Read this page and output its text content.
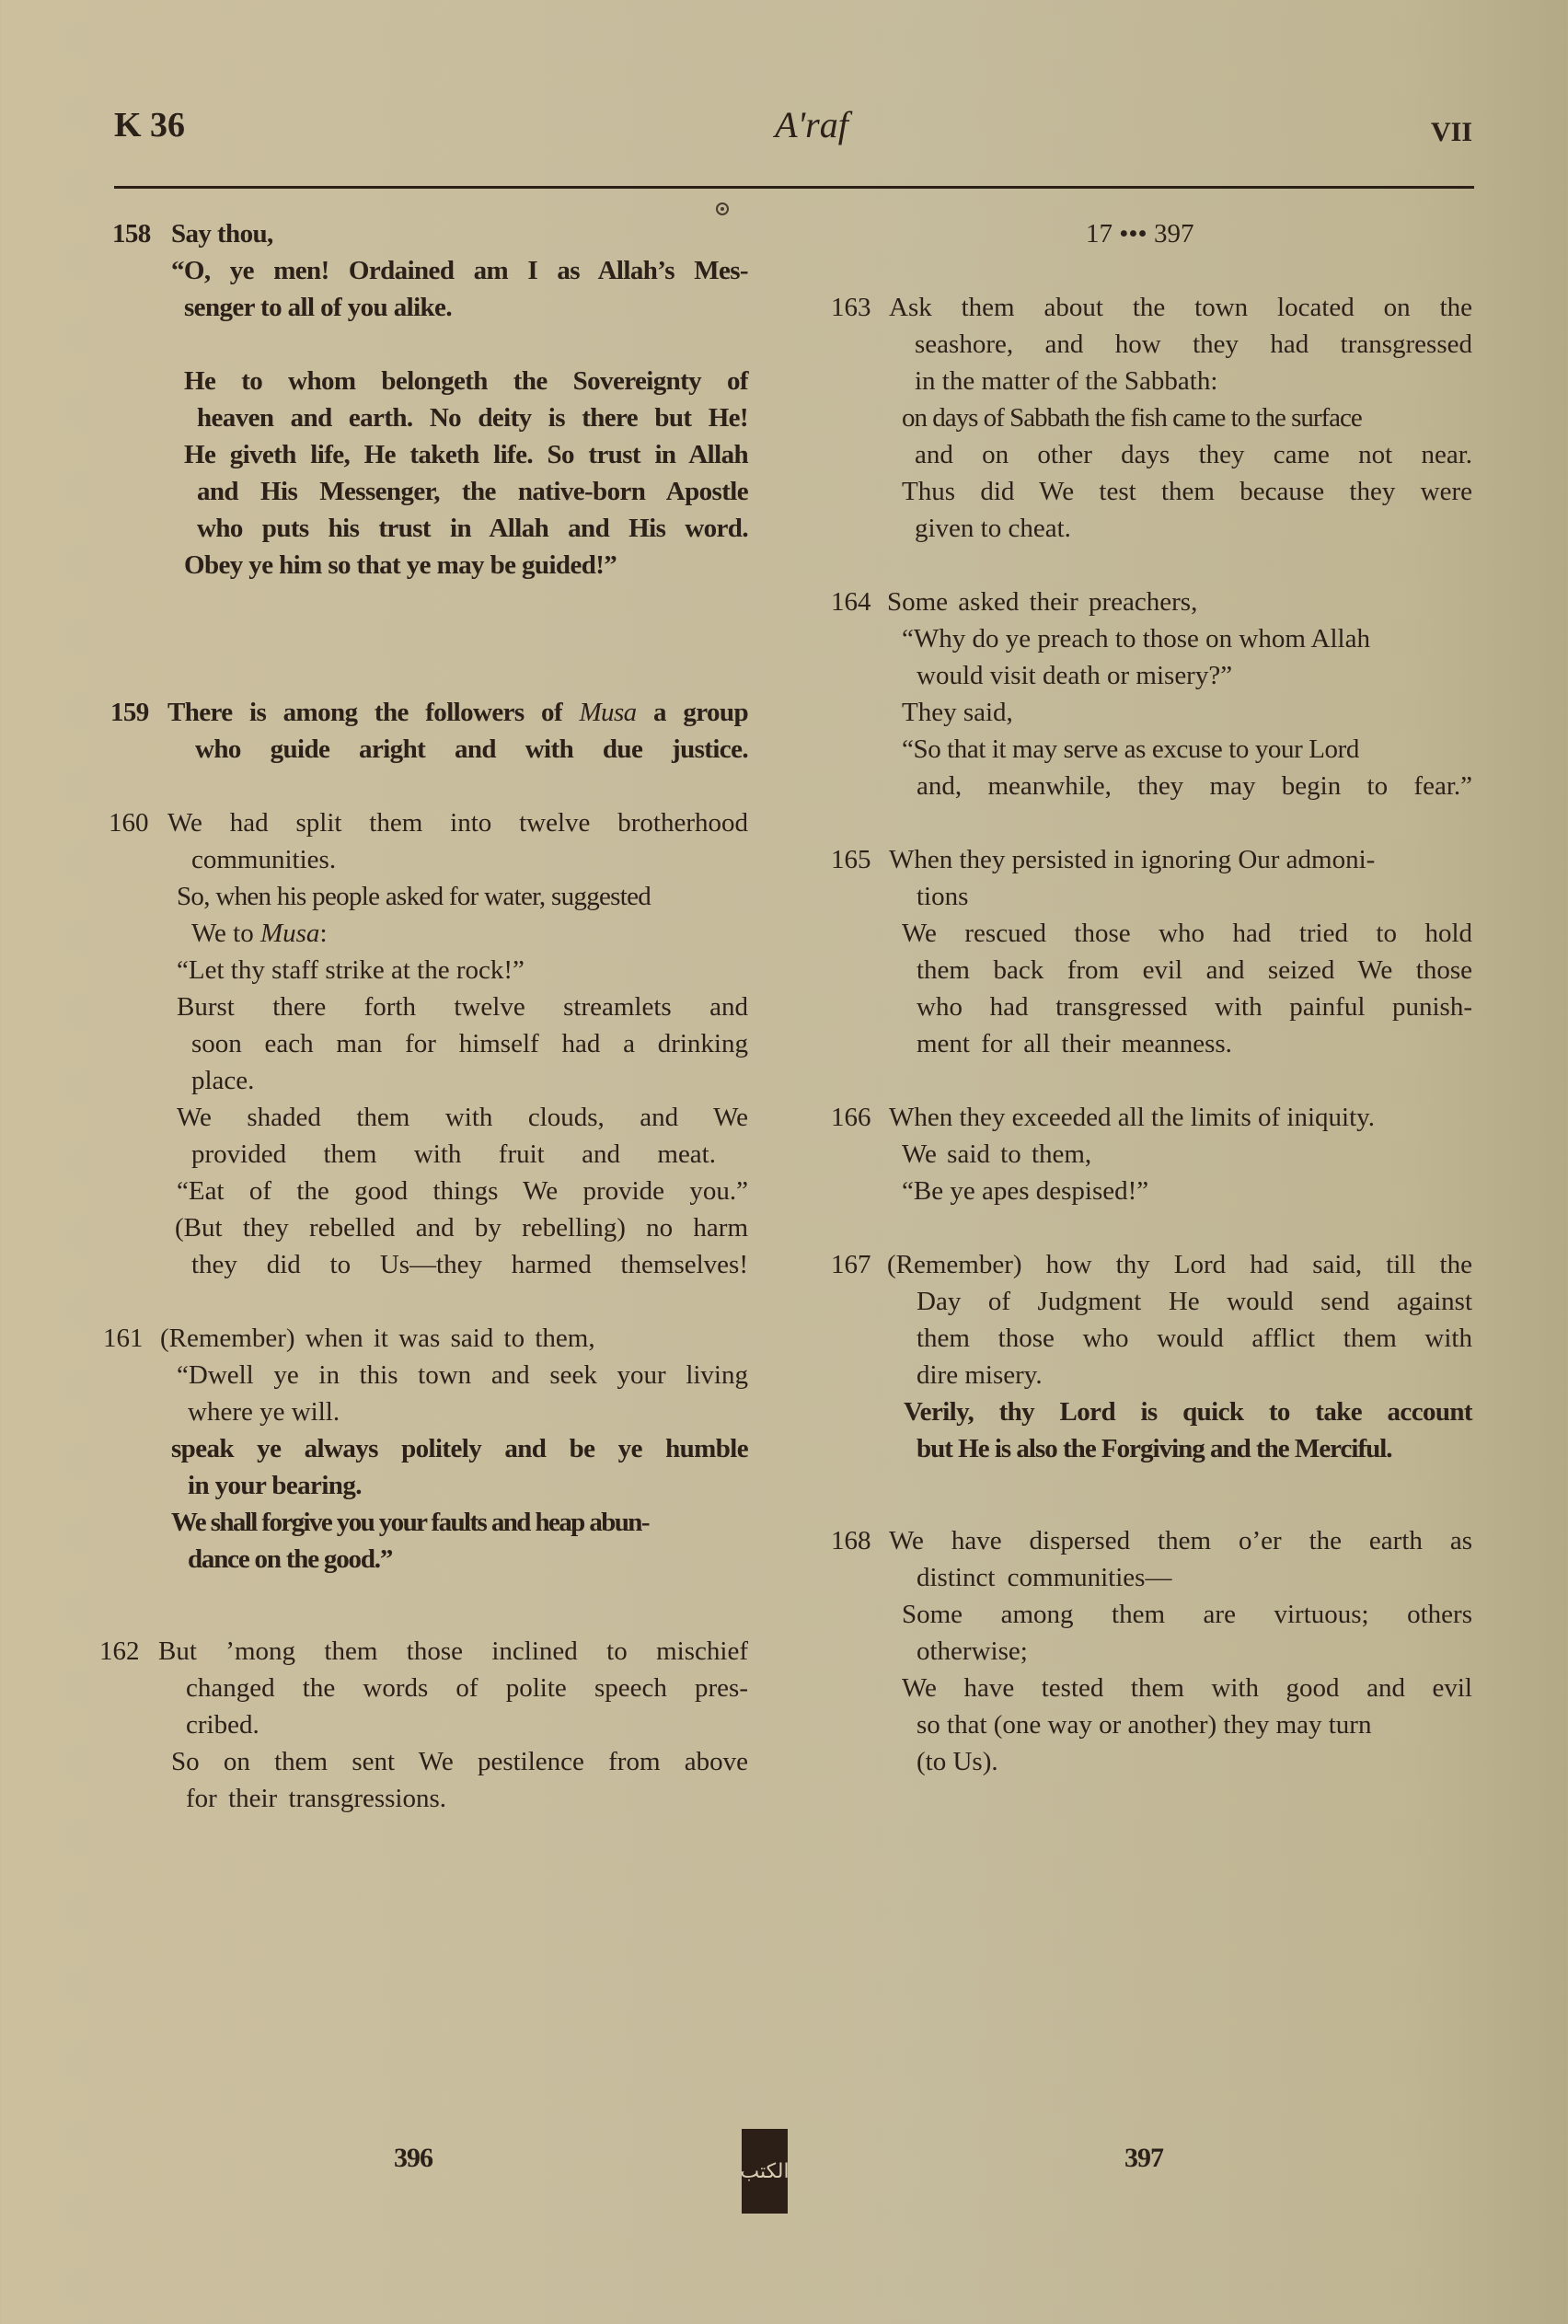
K 36	A'raf	VII
158 Say thou,
“O, ye men! Ordained am I as Allah’s Mes-
senger to all of you alike.
He to whom belongeth the Sovereignty of
heaven and earth. No deity is there but He!
He giveth life, He taketh life. So trust in Allah
and His Messenger, the native-born Apostle
who puts his trust in Allah and His word.
Obey ye him so that ye may be guided!”
159 There is among the followers of Musa a group
who guide aright and with due justice.
160 We had split them into twelve brotherhood
communities.
So, when his people asked for water, suggested
We to Musa:
“Let thy staff strike at the rock!”
Burst there forth twelve streamlets and
soon each man for himself had a drinking
place.
We shaded them with clouds, and We
provided them with fruit and meat.
“Eat of the good things We provide you.”
(But they rebelled and by rebelling) no harm
they did to Us—they harmed themselves!
161 (Remember) when it was said to them,
“Dwell ye in this town and seek your living
where ye will.
speak ye always politely and be ye humble
in your bearing.
We shall forgive you your faults and heap abun-
dance on the good.”
162 But ’mong them those inclined to mischief
changed the words of polite speech pres-
cribed.
So on them sent We pestilence from above
for their transgressions.
17 ••• 397
163 Ask them about the town located on the
seashore, and how they had transgressed
in the matter of the Sabbath:
on days of Sabbath the fish came to the surface
and on other days they came not near.
Thus did We test them because they were
given to cheat.
164 Some asked their preachers,
“Why do ye preach to those on whom Allah
would visit death or misery?”
They said,
“So that it may serve as excuse to your Lord
and, meanwhile, they may begin to fear.”
165 When they persisted in ignoring Our admoni-
tions
We rescued those who had tried to hold
them back from evil and seized We those
who had transgressed with painful punish-
ment for all their meanness.
166 When they exceeded all the limits of iniquity.
We said to them,
“Be ye apes despised!”
167 (Remember) how thy Lord had said, till the
Day of Judgment He would send against
them those who would afflict them with
dire misery.
Verily, thy Lord is quick to take account
but He is also the Forgiving and the Merciful.
168 We have dispersed them o’er the earth as
distinct communities—
Some among them are virtuous; others
otherwise;
We have tested them with good and evil
so that (one way or another) they may turn
(to Us).
396	الكتب	397
